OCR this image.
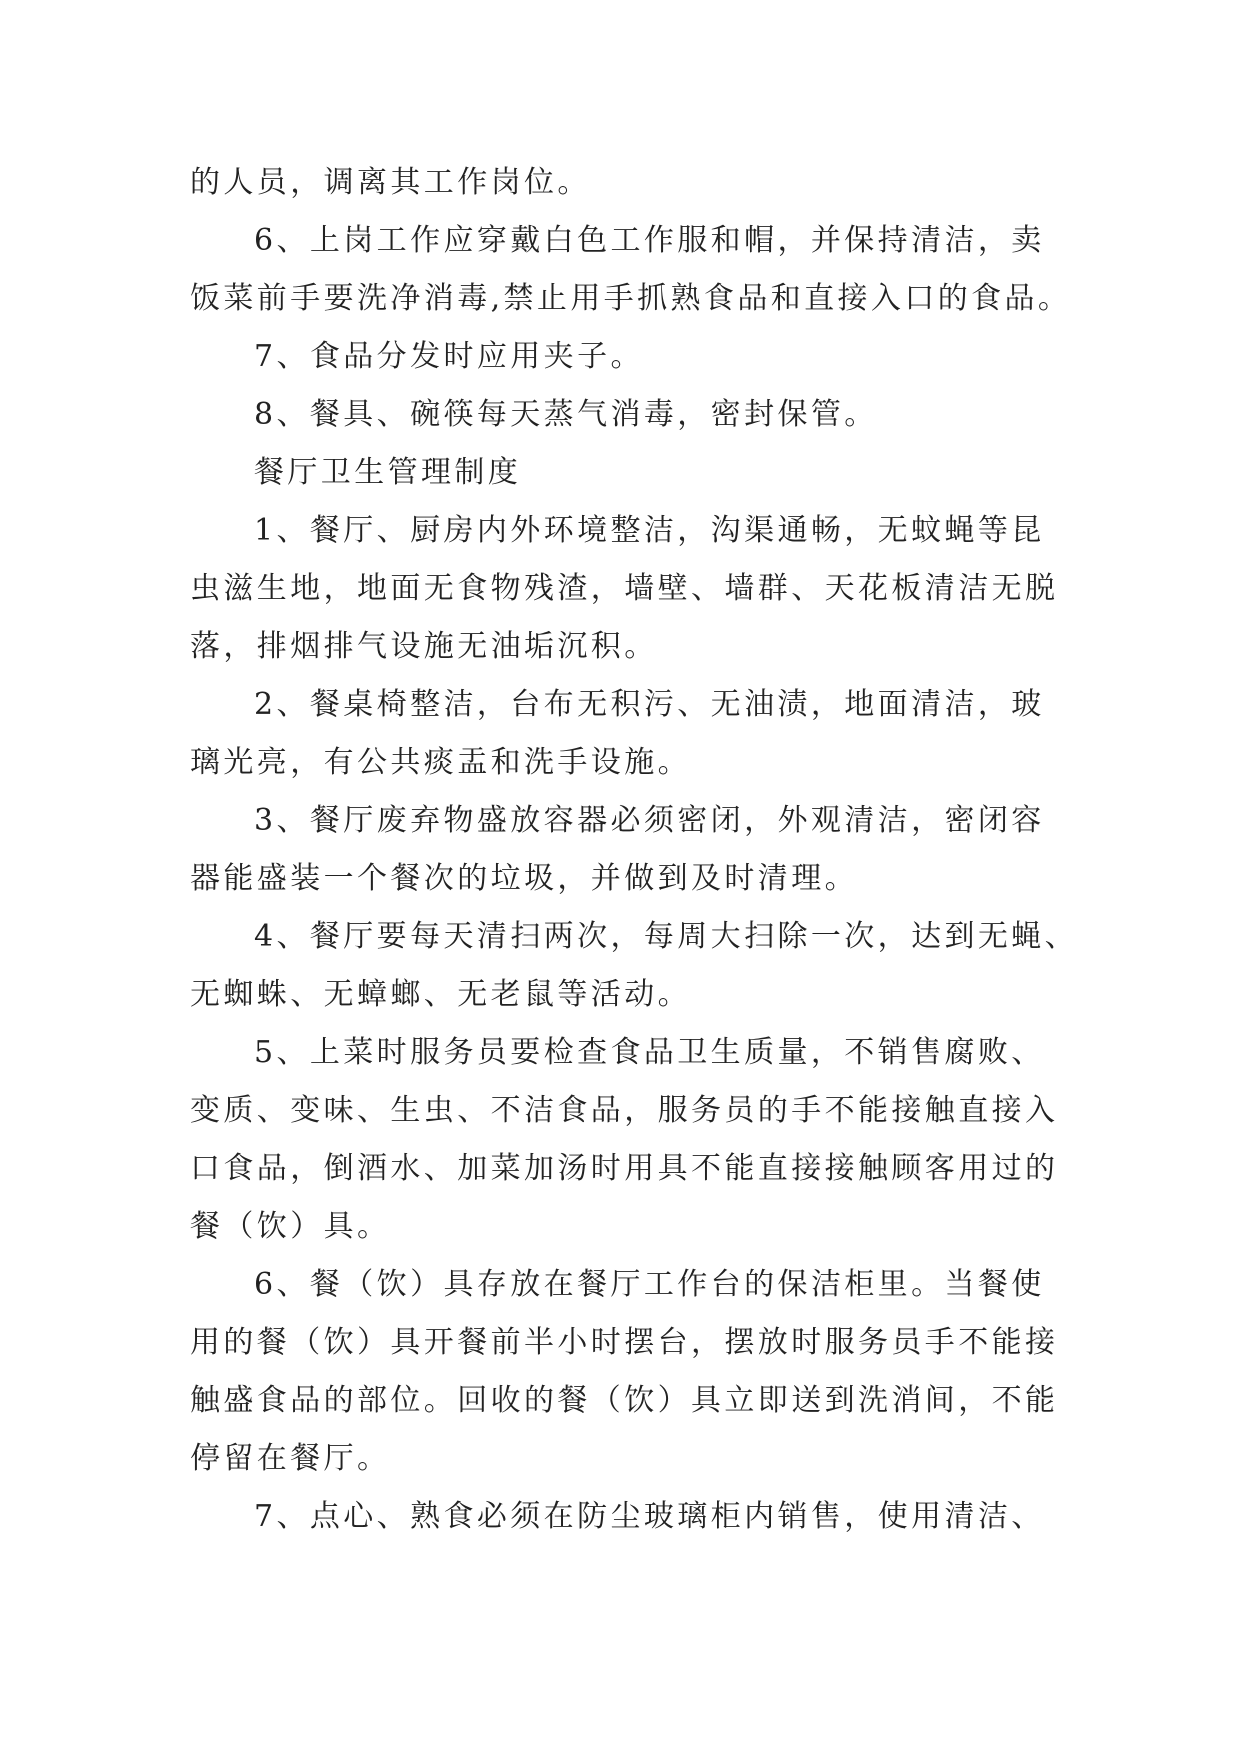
的人员，调离其工作岗位。
6、上岗工作应穿戴白色工作服和帽，并保持清洁，卖
饭菜前手要洗净消毒,禁止用手抓熟食品和直接入口的食品。
7、食品分发时应用夹子。
8、餐具、碗筷每天蒸气消毒，密封保管。
餐厅卫生管理制度
1、餐厅、厨房内外环境整洁，沟渠通畅，无蚊蝇等昆
虫滋生地，地面无食物残渣，墙壁、墙群、天花板清洁无脱
落，排烟排气设施无油垢沉积。
2、餐桌椅整洁，台布无积污、无油渍，地面清洁，玻
璃光亮，有公共痰盂和洗手设施。
3、餐厅废弃物盛放容器必须密闭，外观清洁，密闭容
器能盛装一个餐次的垃圾，并做到及时清理。
4、餐厅要每天清扫两次，每周大扫除一次，达到无蝇、
无蜘蛛、无蟑螂、无老鼠等活动。
5、上菜时服务员要检查食品卫生质量，不销售腐败、
变质、变味、生虫、不洁食品，服务员的手不能接触直接入
口食品，倒酒水、加菜加汤时用具不能直接接触顾客用过的
餐（饮）具。
6、餐（饮）具存放在餐厅工作台的保洁柜里。当餐使
用的餐（饮）具开餐前半小时摆台，摆放时服务员手不能接
触盛食品的部位。回收的餐（饮）具立即送到洗消间，不能
停留在餐厅。
7、点心、熟食必须在防尘玻璃柜内销售，使用清洁、
